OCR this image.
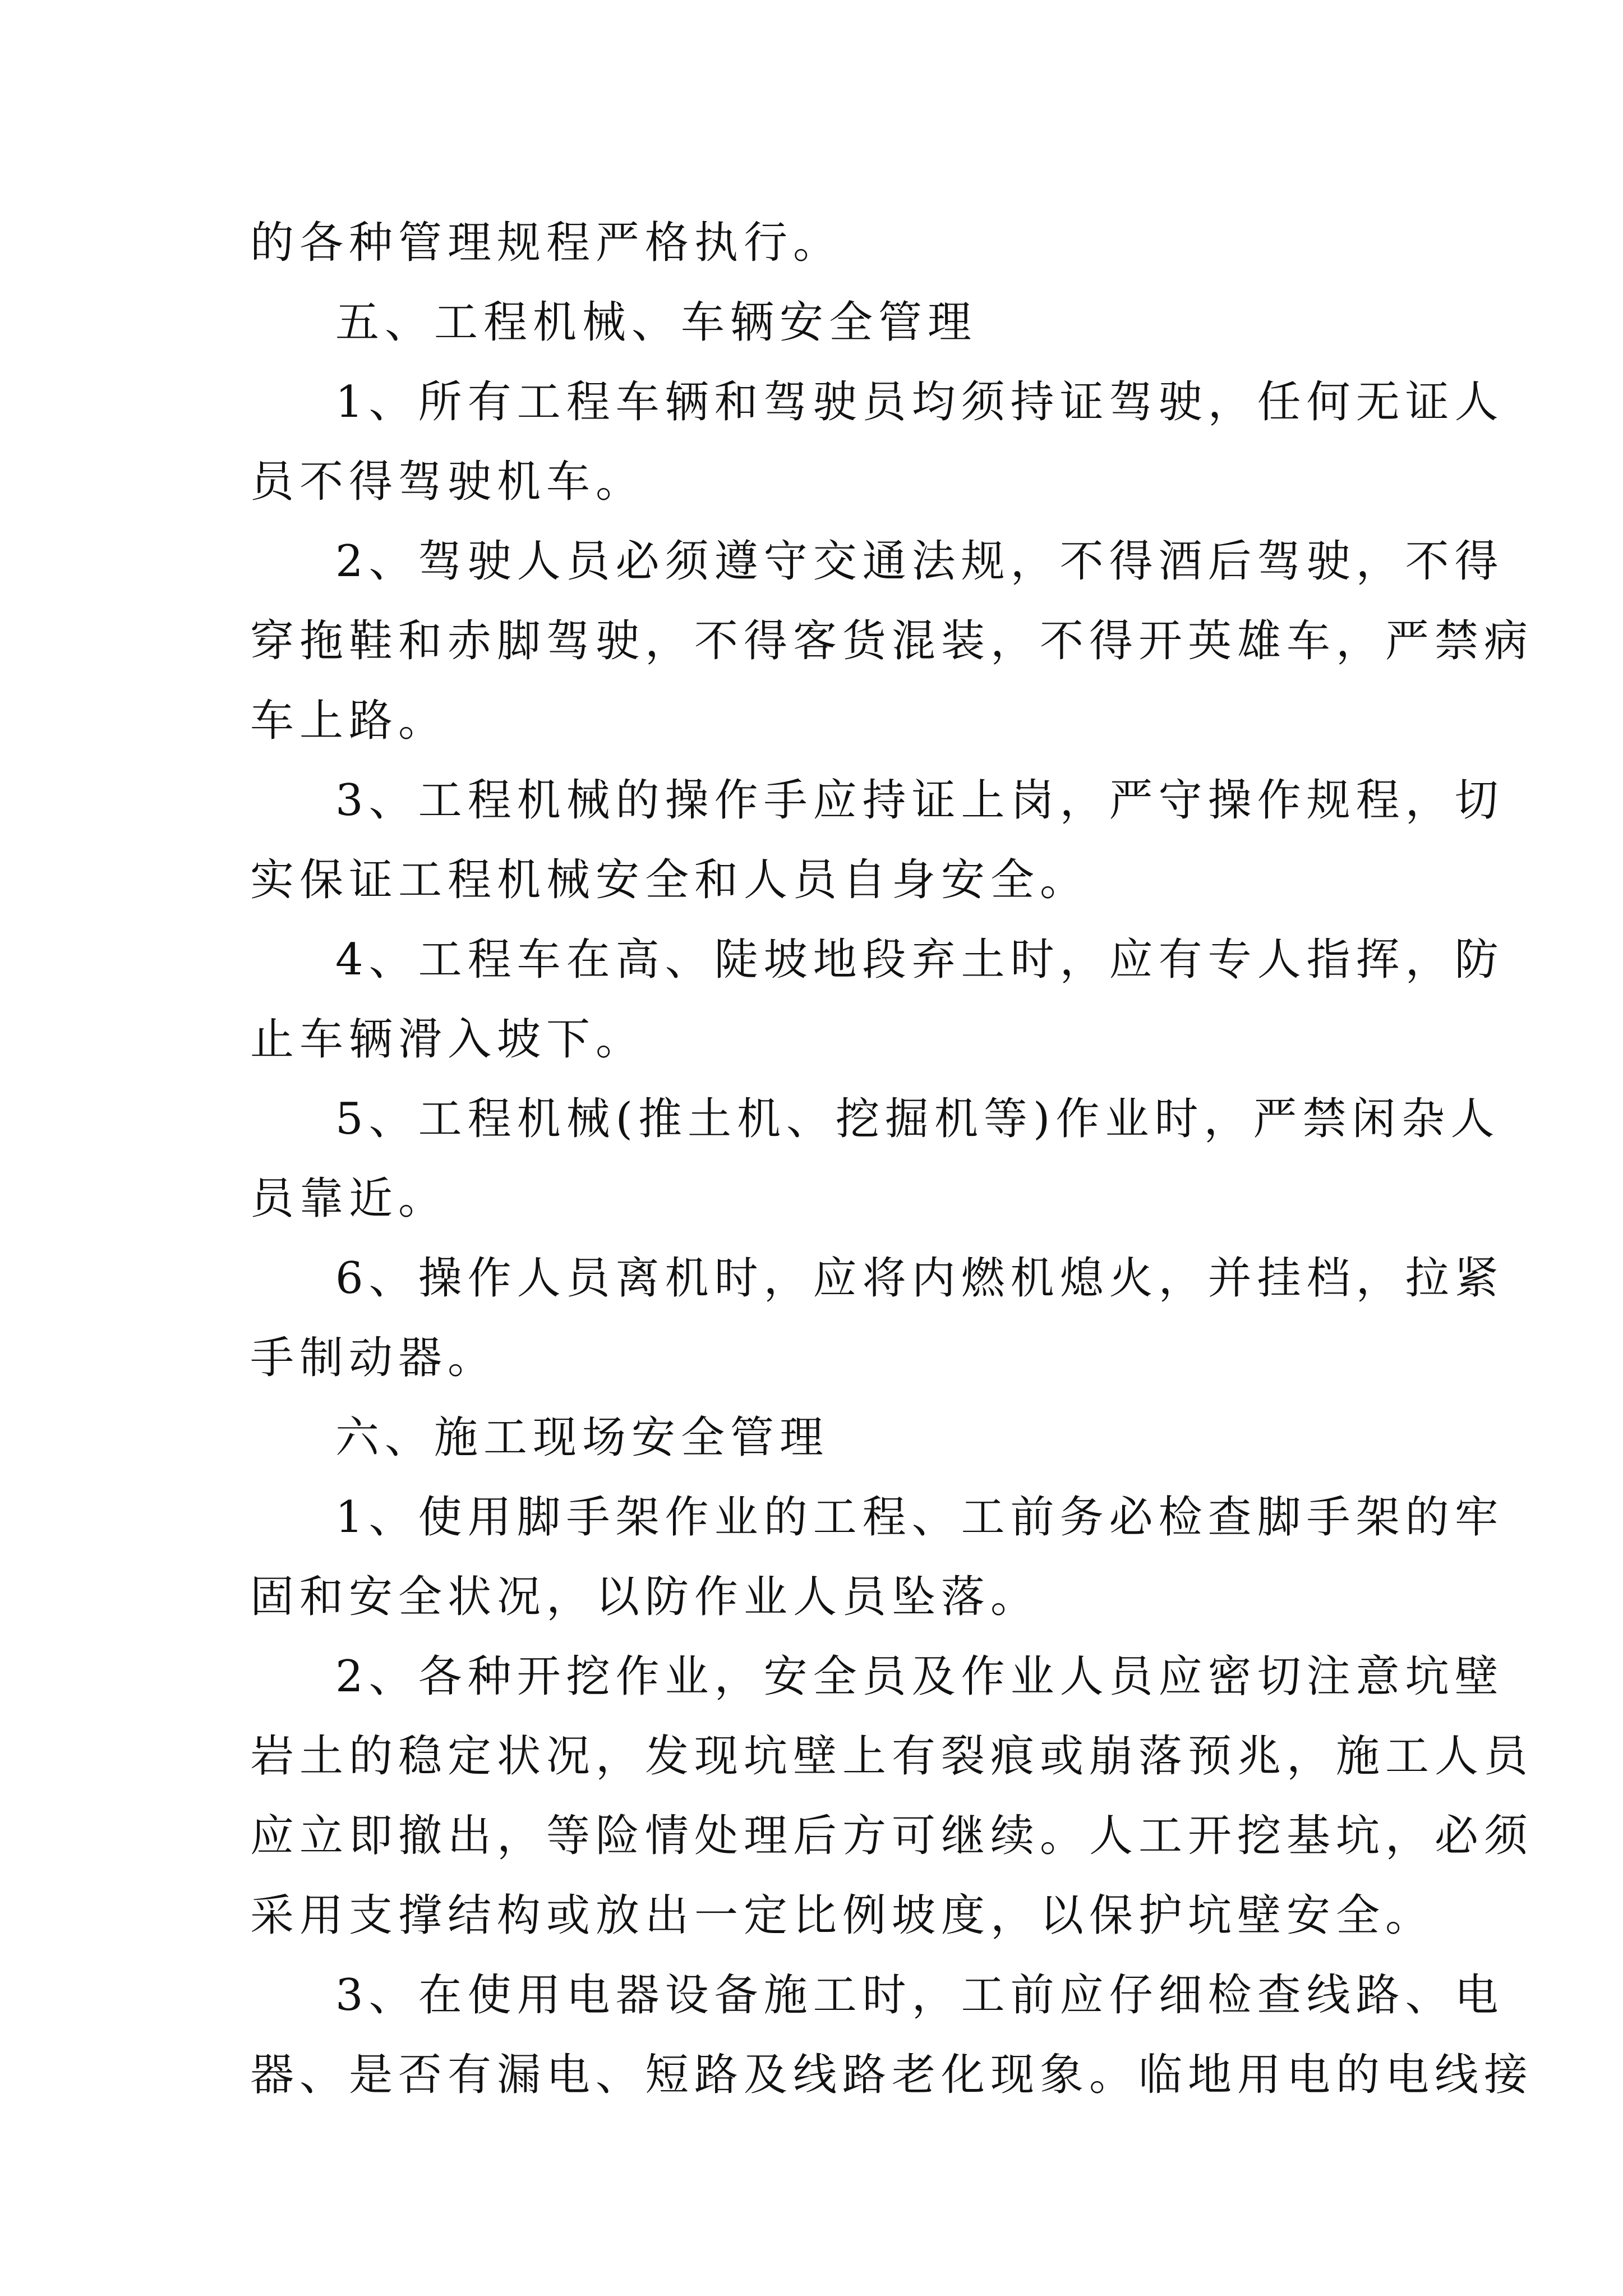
的各种管理规程严格执行。
五、工程机械、车辆安全管理
1、所有工程车辆和驾驶员均须持证驾驶，任何无证人
员不得驾驶机车。
2、驾驶人员必须遵守交通法规，不得酒后驾驶，不得
穿拖鞋和赤脚驾驶，不得客货混装，不得开英雄车，严禁病
车上路。
3、工程机械的操作手应持证上岗，严守操作规程，切
实保证工程机械安全和人员自身安全。
4、工程车在高、陡坡地段弃土时，应有专人指挥，防
止车辆滑入坡下。
5、工程机械(推土机、挖掘机等)作业时，严禁闲杂人
员靠近。
6、操作人员离机时，应将内燃机熄火，并挂档，拉紧
手制动器。
六、施工现场安全管理
1、使用脚手架作业的工程、工前务必检查脚手架的牢
固和安全状况，以防作业人员坠落。
2、各种开挖作业，安全员及作业人员应密切注意坑壁
岩土的稳定状况，发现坑壁上有裂痕或崩落预兆，施工人员
应立即撤出，等险情处理后方可继续。人工开挖基坑，必须
采用支撑结构或放出一定比例坡度，以保护坑壁安全。
3、在使用电器设备施工时，工前应仔细检查线路、电
器、是否有漏电、短路及线路老化现象。临地用电的电线接
